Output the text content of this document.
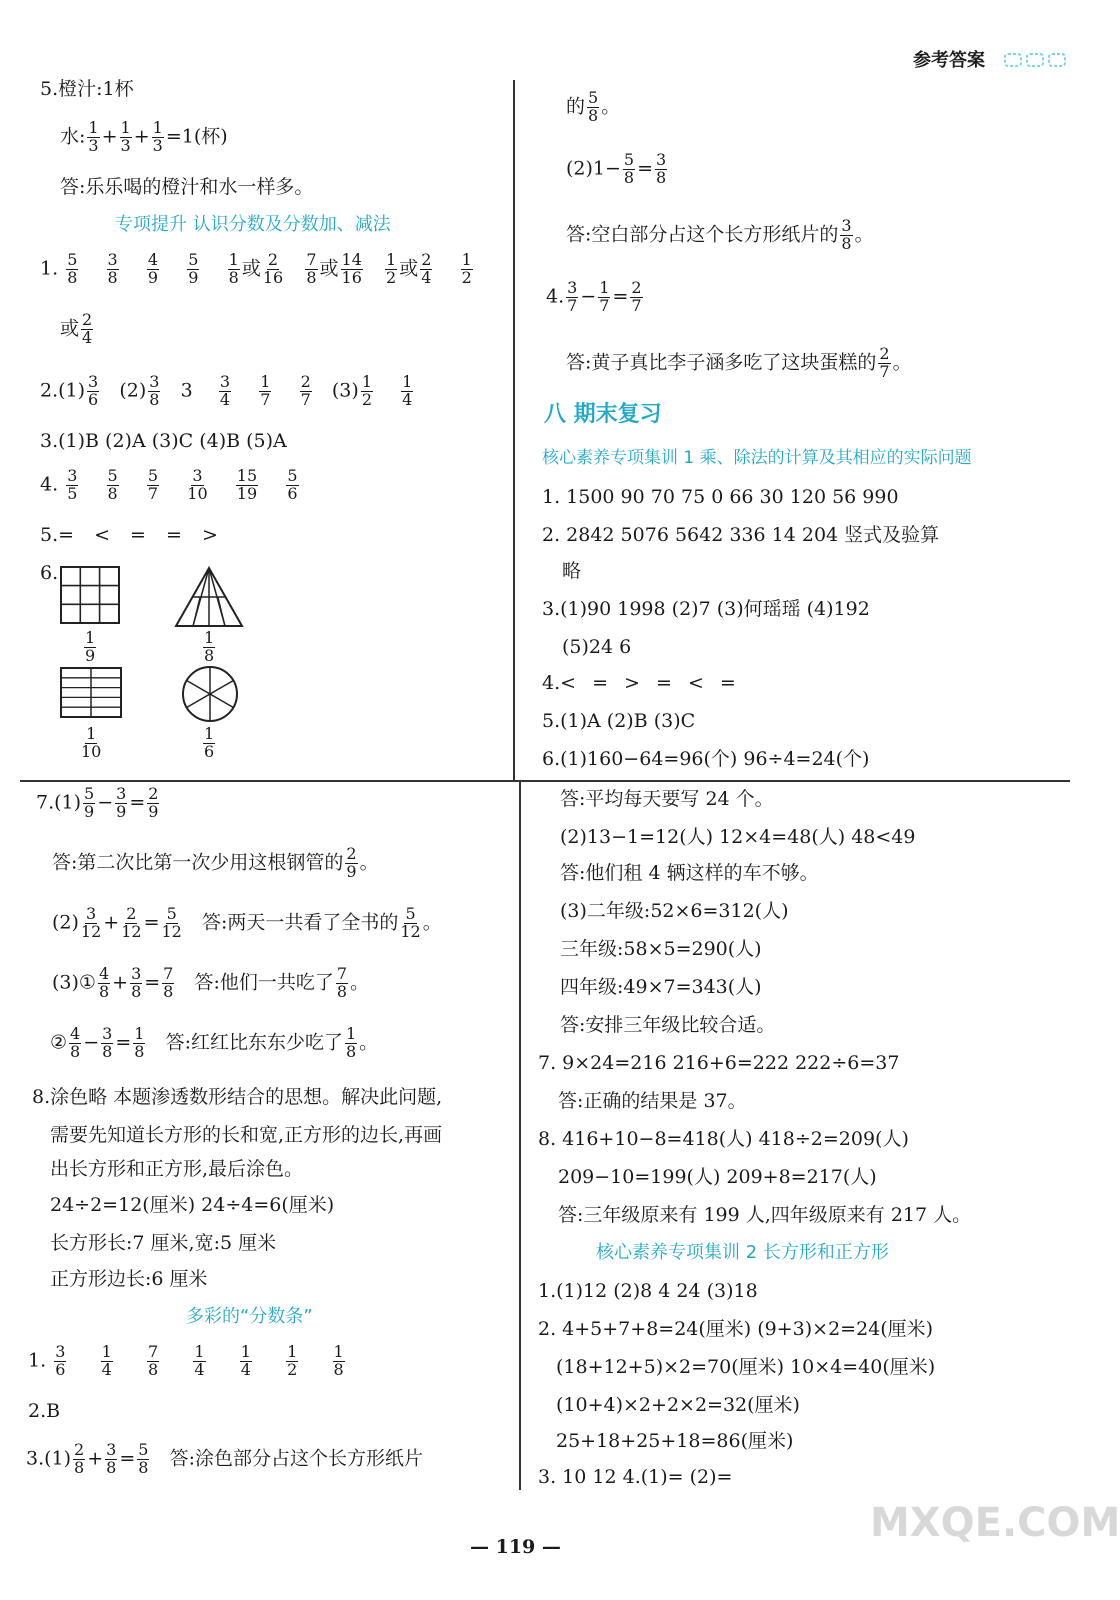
参考答案
5.橙汁:1杯
水: $\frac{1}{3} + \frac{1}{3} + \frac{1}{3} =1$(杯)
答:乐乐喝的橙汁和水一样多。
专项提升 认识分数及分数加、减法
1. $\frac{5}{8}$
$\frac{3}{8}$
$\frac{4}{9}$
$\frac{5}{9}$
$\frac{1}{8}$ 或 $\frac{2}{16}$
$\frac{7}{8}$ 或 $\frac{14}{16}$
$\frac{1}{2}$ 或 $\frac{2}{4}$
$\frac{1}{2}$
或 $\frac{2}{4}$
$2.(1) \frac{3}{6} (2) \frac{3}{8} 3 \frac{3}{4}$
$\frac{1}{7}$
$\frac{2}{7} (3) \frac{1}{2}$
$\frac{1}{4}$
3.(1)B (2)A (3)C (4)B (5)A
4. $\frac{3}{5}$
$\frac{5}{8}$
$\frac{5}{7}$
$\frac{3}{10}$
$\frac{15}{19}$
$\frac{5}{6}$
5.= < = = >
6.
$\frac{1}{9}$	$\frac{1}{8}$
$\frac{1}{10}$	$\frac{1}{6}$
$7.(1) \frac{5}{9} - \frac{3}{9} = \frac{2}{9}$
答:第二次比第一次少用这根钢管的 $\frac{2}{9}$ 。
$(2) \frac{3}{12} + \frac{2}{12} = \frac{5}{12}$ 答:两天一共看了全书的 $\frac{5}{12}$ 。
(3)① $\frac{4}{8} + \frac{3}{8} = \frac{7}{8}$ 答:他们一共吃了 $\frac{7}{8}$ 。
② $\frac{4}{8} - \frac{3}{8} = \frac{1}{8}$ 答:红红比东东少吃了 $\frac{1}{8}$ 。
8.涂色略 本题渗透数形结合的思想。解决此问题,
需要先知道长方形的长和宽,正方形的边长,再画
出长方形和正方形,最后涂色。
24÷2=12(厘米) 24÷4=6(厘米)
长方形长:7 厘米,宽:5 厘米
正方形边长:6 厘米
多彩的“分数条”
1. $\frac{3}{6}$
$\frac{1}{4}$
$\frac{7}{8}$
$\frac{1}{4}$
$\frac{1}{4}$
$\frac{1}{2}$
$\frac{1}{8}$
2.B
$3.(1) \frac{2}{8} + \frac{3}{8} = \frac{5}{8}$ 答:涂色部分占这个长方形纸片
的 $\frac{5}{8}$ 。
$(2)1- \frac{5}{8} = \frac{3}{8}$
答:空白部分占这个长方形纸片的 $\frac{3}{8}$ 。
4. $\frac{3}{7} - \frac{1}{7} = \frac{2}{7}$
答:黄子真比李子涵多吃了这块蛋糕的 $\frac{2}{7}$ 。
八 期末复习
核心素养专项集训 1 乘、除法的计算及其相应的实际问题
1. 1500 90 70 75 0 66 30 120 56 990
2. 2842 5076 5642 336 14 204 竖式及验算
略
3.(1)90 1998 (2)7 (3)何瑶瑶 (4)192
(5)24 6
4.< = > = < =
5.(1)A (2)B (3)C
6.(1)160−64=96(个) 96÷4=24(个)
答:平均每天要写 24 个。
(2)13−1=12(人) 12×4=48(人) 48<49
答:他们租 4 辆这样的车不够。
(3)二年级:52×6=312(人)
三年级:58×5=290(人)
四年级:49×7=343(人)
答:安排三年级比较合适。
7. 9×24=216 216+6=222 222÷6=37
答:正确的结果是 37。
8. 416+10−8=418(人) 418÷2=209(人)
209−10=199(人) 209+8=217(人)
答:三年级原来有 199 人,四年级原来有 217 人。
核心素养专项集训 2 长方形和正方形
1.(1)12 (2)8 4 24 (3)18
2. 4+5+7+8=24(厘米) (9+3)×2=24(厘米)
(18+12+5)×2=70(厘米) 10×4=40(厘米)
(10+4)×2+2×2=32(厘米)
25+18+25+18=86(厘米)
3. 10 12 4.(1)= (2)=
— 119 —
MXQE.COM
